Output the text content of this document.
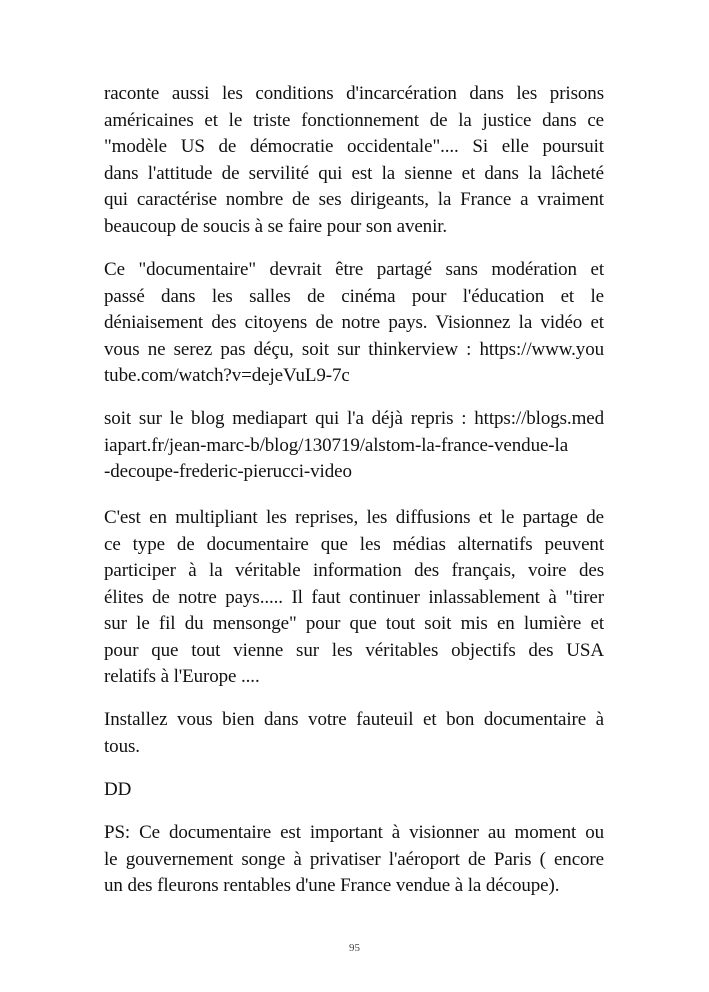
raconte aussi les conditions d'incarcération dans les prisons
américaines et le triste fonctionnement de la justice dans ce
"modèle US de démocratie occidentale".... Si elle poursuit
dans l'attitude de servilité qui est la sienne et dans la lâcheté
qui caractérise nombre de ses dirigeants, la France a vraiment
beaucoup de soucis à se faire pour son avenir.
Ce "documentaire" devrait être partagé sans modération et
passé dans les salles de cinéma pour l'éducation et le
déniaisement des citoyens de notre pays. Visionnez la vidéo et
vous ne serez pas déçu, soit sur thinkerview : https://www.you
tube.com/watch?v=dejeVuL9-7c
soit sur le blog mediapart qui l'a déjà repris : https://blogs.med
iapart.fr/jean-marc-b/blog/130719/alstom-la-france-vendue-la
-decoupe-frederic-pierucci-video
C'est en multipliant les reprises, les diffusions et le partage de
ce type de documentaire que les médias alternatifs peuvent
participer à la véritable information des français, voire des
élites de notre pays..... Il faut continuer inlassablement à "tirer
sur le fil du mensonge" pour que tout soit mis en lumière et
pour que tout vienne sur les véritables objectifs des USA
relatifs à l'Europe ....
Installez vous bien dans votre fauteuil et bon documentaire à
tous.
DD
PS: Ce documentaire est important à visionner au moment ou
le gouvernement songe à privatiser l'aéroport de Paris ( encore
un des fleurons rentables d'une France vendue à la découpe).
95
